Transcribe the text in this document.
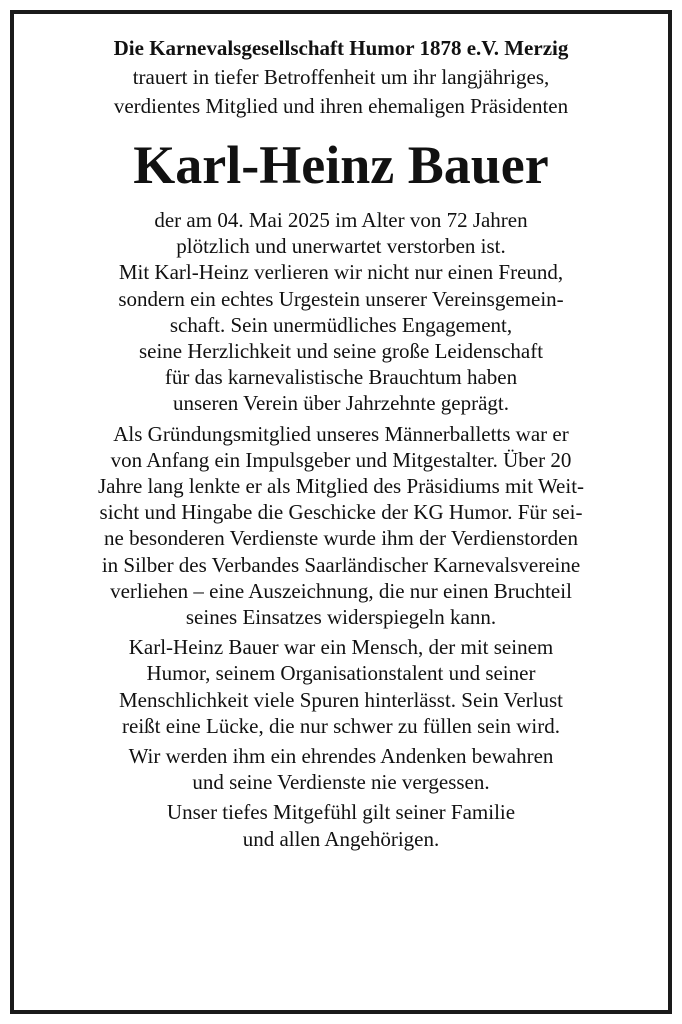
Die Karnevalsgesellschaft Humor 1878 e.V. Merzig
trauert in tiefer Betroffenheit um ihr langjähriges,
verdientes Mitglied und ihren ehemaligen Präsidenten
Karl-Heinz Bauer
der am 04. Mai 2025 im Alter von 72 Jahren
plötzlich und unerwartet verstorben ist.
Mit Karl-Heinz verlieren wir nicht nur einen Freund,
sondern ein echtes Urgestein unserer Vereinsgemein-
schaft. Sein unermüdliches Engagement,
seine Herzlichkeit und seine große Leidenschaft
für das karnevalistische Brauchtum haben
unseren Verein über Jahrzehnte geprägt.
Als Gründungsmitglied unseres Männerballetts war er
von Anfang ein Impulsgeber und Mitgestalter. Über 20
Jahre lang lenkte er als Mitglied des Präsidiums mit Weit-
sicht und Hingabe die Geschicke der KG Humor. Für sei-
ne besonderen Verdienste wurde ihm der Verdienstorden
in Silber des Verbandes Saarländischer Karnevalsvereine
verliehen – eine Auszeichnung, die nur einen Bruchteil
seines Einsatzes widerspiegeln kann.
Karl-Heinz Bauer war ein Mensch, der mit seinem
Humor, seinem Organisationstalent und seiner
Menschlichkeit viele Spuren hinterlässt. Sein Verlust
reißt eine Lücke, die nur schwer zu füllen sein wird.
Wir werden ihm ein ehrendes Andenken bewahren
und seine Verdienste nie vergessen.
Unser tiefes Mitgefühl gilt seiner Familie
und allen Angehörigen.
